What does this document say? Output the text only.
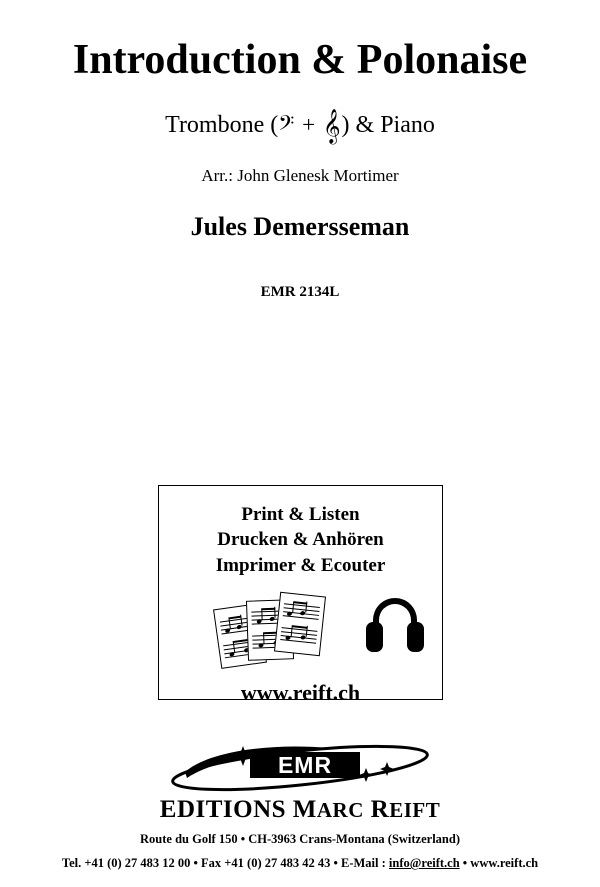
Introduction & Polonaise
Trombone (𝄢 + 𝄞) & Piano
Arr.: John Glenesk Mortimer
Jules Demersseman
EMR 2134L
Print & Listen
Drucken & Anhören
Imprimer & Ecouter
www.reift.ch
EMR
EDITIONS MARC REIFT
Route du Golf 150 • CH-3963 Crans-Montana (Switzerland)
Tel. +41 (0) 27 483 12 00 • Fax +41 (0) 27 483 42 43 • E-Mail : info@reift.ch • www.reift.ch
